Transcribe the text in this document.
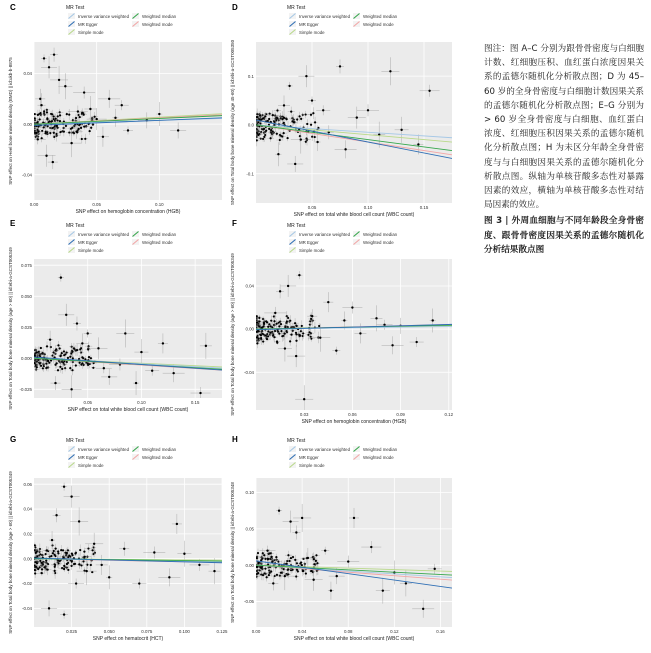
C	MR Test
Inverse variance weighted	Weighted median
MR Egger	Weighted mode
Simple mode
-0.04
0.00
0.04
0.00	0.05	0.10
SNP effect on hemoglobin concentration (HGB)
SNP effect on Heel bone mineral density (BMD) || id:ukb-b-8875
D	MR Test
Inverse variance weighted	Weighted median
MR Egger	Weighted mode
Simple mode
-0.1
0.0
0.1
0.05	0.10	0.15
SNP effect on total white blood cell count (WBC count)
SNP effect on Total body bone mineral density (age 45-60) || id:ebi-a-GCST005350
E	MR Test
Inverse variance weighted	Weighted median
MR Egger	Weighted mode
Simple mode
-0.025
0.000
0.025
0.050
0.075
0.05	0.10	0.15
SNP effect on total white blood cell count (WBC count)
SNP effect on Total body bone mineral density (age > 60) || id:ebi-a-GCST005349
F	MR Test
Inverse variance weighted	Weighted median
MR Egger	Weighted mode
Simple mode
-0.04
0.00
0.04
0.03	0.06	0.09	0.12
SNP effect on hemoglobin concentration (HGB)
SNP effect on Total body bone mineral density (age > 60) || id:ebi-a-GCST005349
G	MR Test
Inverse variance weighted	Weighted median
MR Egger	Weighted mode
Simple mode
-0.04
-0.02
0.00
0.02
0.04
0.06
0.025	0.050	0.075	0.100	0.125
SNP effect on hematocrit (HCT)
SNP effect on Total body bone mineral density (age > 60) || id:ebi-a-GCST005349
H	MR Test
Inverse variance weighted	Weighted median
MR Egger	Weighted mode
Simple mode
-0.05
0.00
0.05
0.10
0.00	0.04	0.08	0.12	0.16
SNP effect on total white blood cell count (WBC count)
SNP effect on Total body bone mineral density || id:ebi-a-GCST005348
图注：图 A–C 分别为跟骨骨密度与白细胞计数、红细胞压积、血红蛋白浓度因果关系的孟德尔随机化分析散点图；D 为 45–60 岁的全身骨密度与白细胞计数因果关系的孟德尔随机化分析散点图；E–G 分别为 > 60 岁全身骨密度与白细胞、血红蛋白浓度、红细胞压积因果关系的孟德尔随机化分析散点图；H 为未区分年龄全身骨密度与与白细胞因果关系的孟德尔随机化分析散点图。纵轴为单核苷酸多态性对暴露因素的效应，横轴为单核苷酸多态性对结局因素的效应。
图 3 | 外周血细胞与不同年龄段全身骨密度、跟骨骨密度因果关系的孟德尔随机化分析结果散点图
